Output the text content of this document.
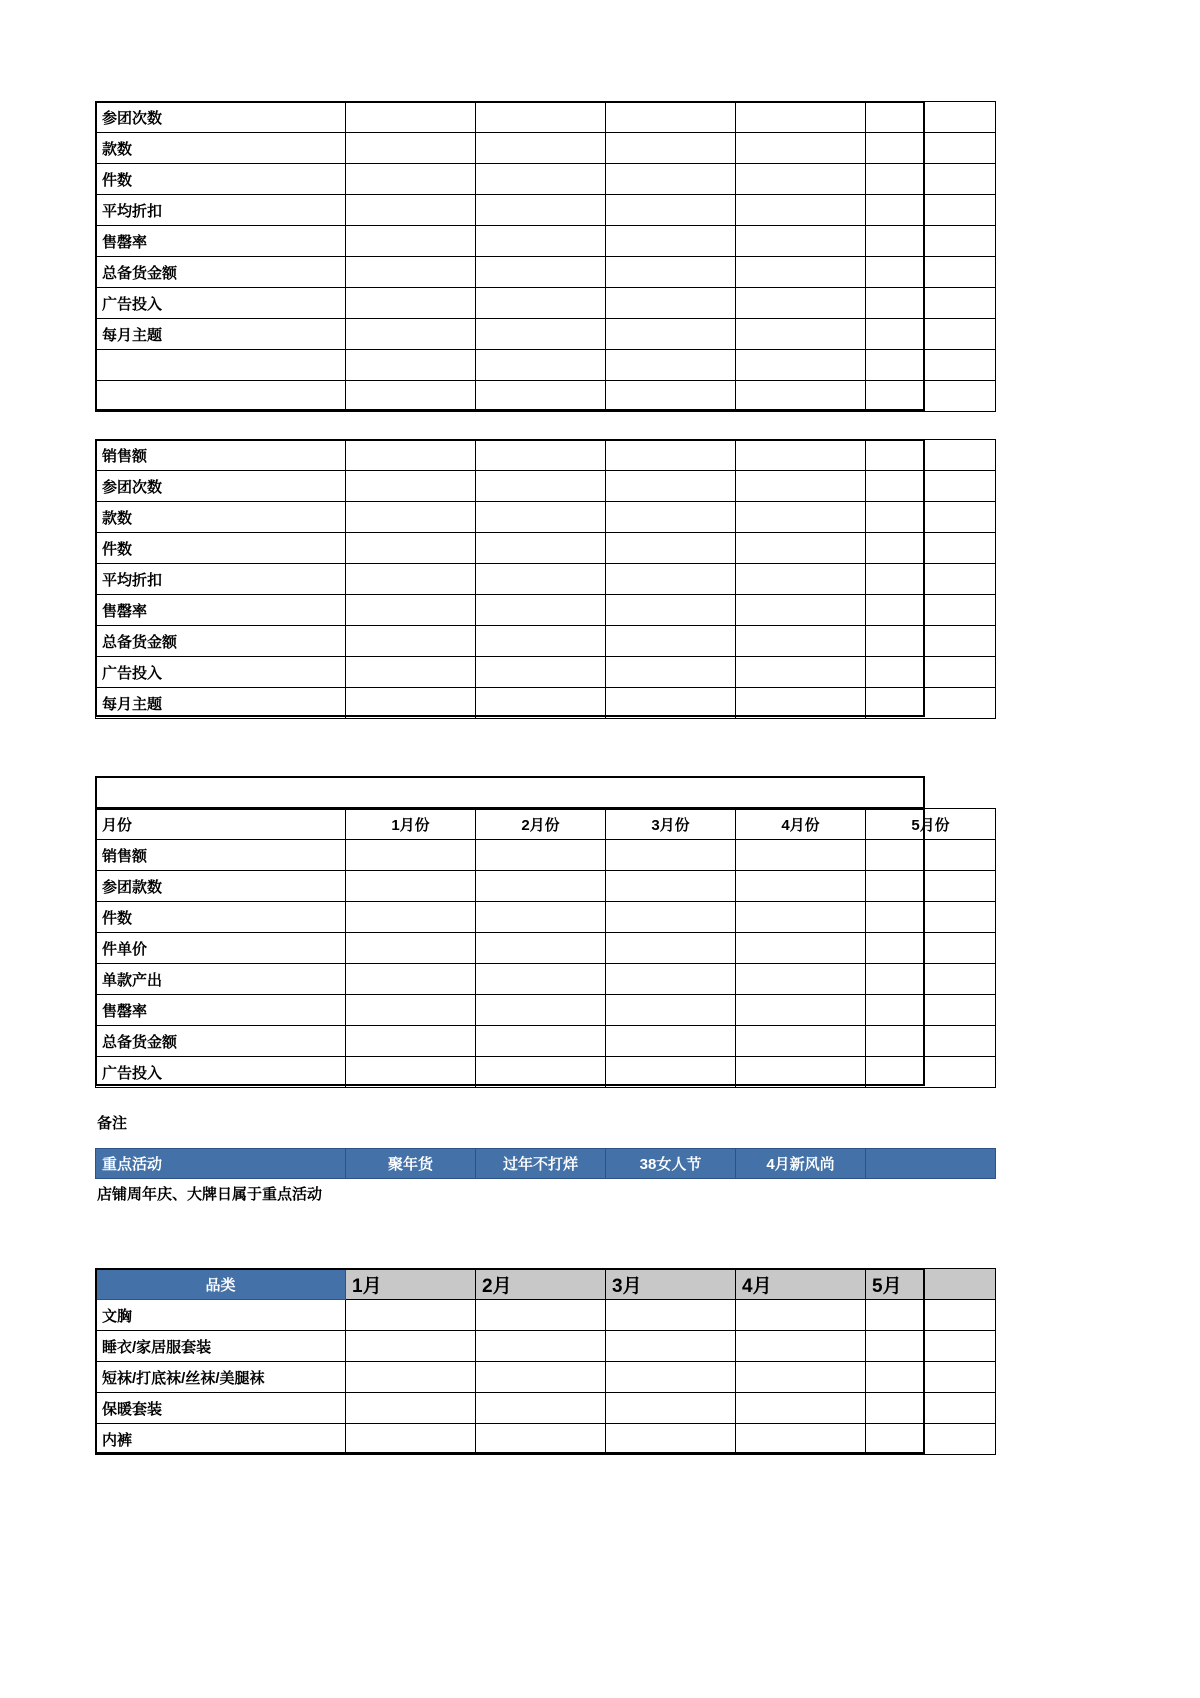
参团次数					
款数					
件数					
平均折扣					
售罄率					
总备货金额					
广告投入					
每月主题					

销售额					
参团次数					
款数					
件数					
平均折扣					
售罄率					
总备货金额					
广告投入					
每月主题					
月份	1月份	2月份	3月份	4月份	5月份
销售额					
参团款数					
件数					
件单价					
单款产出					
售罄率					
总备货金额					
广告投入					
备注
重点活动	聚年货	过年不打烊	38女人节	4月新风尚	
店铺周年庆、大牌日属于重点活动
品类	1月	2月	3月	4月	5月
文胸					
睡衣/家居服套装					
短袜/打底袜/丝袜/美腿袜					
保暖套装					
内裤					
